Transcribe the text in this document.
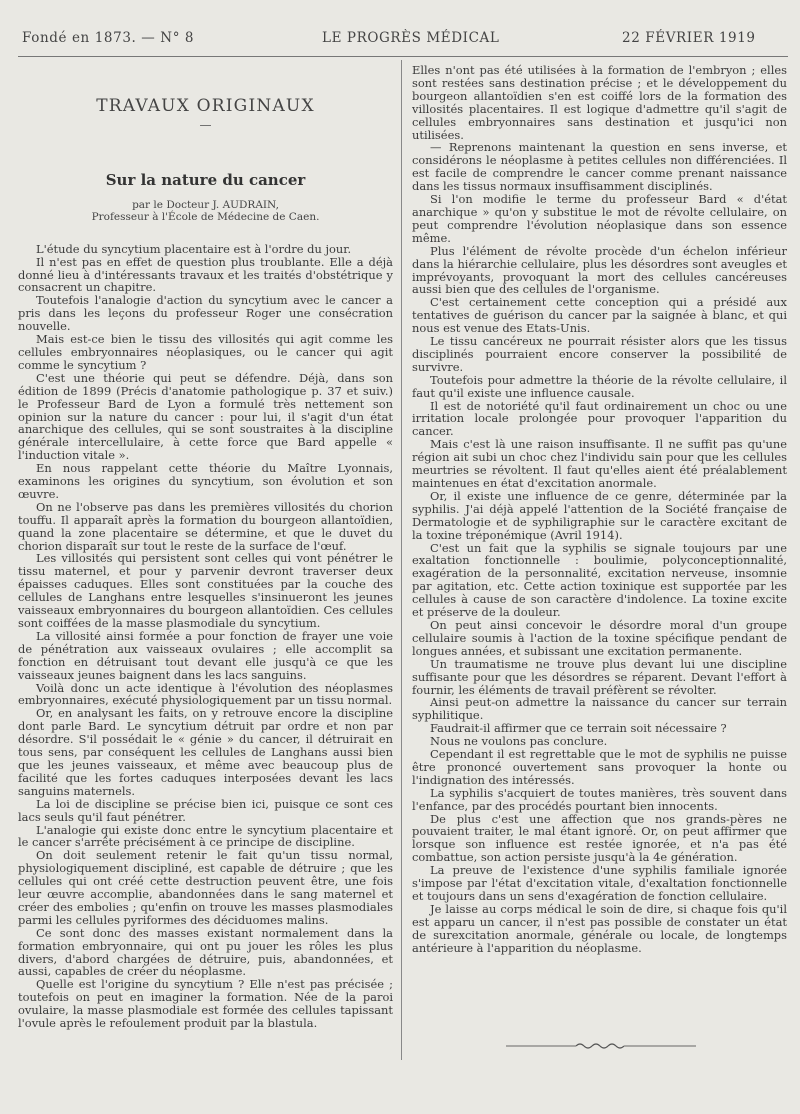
Fondé en 1873. — N° 8	LE PROGRÈS MÉDICAL	22 FÉVRIER 1919
TRAVAUX ORIGINAUX
—
Sur la nature du cancer
par le Docteur J. AUDRAIN,
Professeur à l'École de Médecine de Caen.

L'étude du syncytium placentaire est à l'ordre du jour.

Il n'est pas en effet de question plus troublante. Elle a déjà donné lieu à d'intéressants travaux et les traités d'obstétrique y consacrent un chapitre.

Toutefois l'analogie d'action du syncytium avec le cancer a pris dans les leçons du professeur Roger une consécration nouvelle.

Mais est-ce bien le tissu des villosités qui agit comme les cellules embryonnaires néoplasiques, ou le cancer qui agit comme le syncytium ?

C'est une théorie qui peut se défendre. Déjà, dans son édition de 1899 (Précis d'anatomie pathologique p. 37 et suiv.) le Professeur Bard de Lyon a formulé très nettement son opinion sur la nature du cancer : pour lui, il s'agit d'un état anarchique des cellules, qui se sont soustraites à la discipline générale intercellulaire, à cette force que Bard appelle « l'induction vitale ».

En nous rappelant cette théorie du Maître Lyonnais, examinons les origines du syncytium, son évolution et son œuvre.

On ne l'observe pas dans les premières villosités du chorion touffu. Il apparaît après la formation du bourgeon allantoïdien, quand la zone placentaire se détermine, et que le duvet du chorion disparaît sur tout le reste de la surface de l'œuf.

Les villosités qui persistent sont celles qui vont pénétrer le tissu maternel, et pour y parvenir devront traverser deux épaisses caduques. Elles sont constituées par la couche des cellules de Langhans entre lesquelles s'insinueront les jeunes vaisseaux embryonnaires du bourgeon allantoïdien. Ces cellules sont coiffées de la masse plasmodiale du syncytium.

La villosité ainsi formée a pour fonction de frayer une voie de pénétration aux vaisseaux ovulaires ; elle accomplit sa fonction en détruisant tout devant elle jusqu'à ce que les vaisseaux jeunes baignent dans les lacs sanguins.

Voilà donc un acte identique à l'évolution des néoplasmes embryonnaires, exécuté physiologiquement par un tissu normal.

Or, en analysant les faits, on y retrouve encore la discipline dont parle Bard. Le syncytium détruit par ordre et non par désordre. S'il possédait le « génie » du cancer, il détruirait en tous sens, par conséquent les cellules de Langhans aussi bien que les jeunes vaisseaux, et même avec beaucoup plus de facilité que les fortes caduques interposées devant les lacs sanguins maternels.

La loi de discipline se précise bien ici, puisque ce sont ces lacs seuls qu'il faut pénétrer.

L'analogie qui existe donc entre le syncytium placentaire et le cancer s'arrête précisément à ce principe de discipline.

On doit seulement retenir le fait qu'un tissu normal, physiologiquement discipliné, est capable de détruire ; que les cellules qui ont créé cette destruction peuvent être, une fois leur œuvre accomplie, abandonnées dans le sang maternel et créer des embolies ; qu'enfin on trouve les masses plasmodiales parmi les cellules pyriformes des déciduomes malins.

Ce sont donc des masses existant normalement dans la formation embryonnaire, qui ont pu jouer les rôles les plus divers, d'abord chargées de détruire, puis, abandonnées, et aussi, capables de créer du néoplasme.

Quelle est l'origine du syncytium ? Elle n'est pas précisée ; toutefois on peut en imaginer la formation. Née de la paroi ovulaire, la masse plasmodiale est formée des cellules tapissant l'ovule après le refoulement produit par la blastula.

Elles n'ont pas été utilisées à la formation de l'embryon ; elles sont restées sans destination précise ; et le développement du bourgeon allantoïdien s'en est coiffé lors de la formation des villosités placentaires. Il est logique d'admettre qu'il s'agit de cellules embryonnaires sans destination et jusqu'ici non utilisées.

— Reprenons maintenant la question en sens inverse, et considérons le néoplasme à petites cellules non différenciées. Il est facile de comprendre le cancer comme prenant naissance dans les tissus normaux insuffisamment disciplinés.

Si l'on modifie le terme du professeur Bard « d'état anarchique » qu'on y substitue le mot de révolte cellulaire, on peut comprendre l'évolution néoplasique dans son essence même.

Plus l'élément de révolte procède d'un échelon inférieur dans la hiérarchie cellulaire, plus les désordres sont aveugles et imprévoyants, provoquant la mort des cellules cancéreuses aussi bien que des cellules de l'organisme.

C'est certainement cette conception qui a présidé aux tentatives de guérison du cancer par la saignée à blanc, et qui nous est venue des Etats-Unis.

Le tissu cancéreux ne pourrait résister alors que les tissus disciplinés pourraient encore conserver la possibilité de survivre.

Toutefois pour admettre la théorie de la révolte cellulaire, il faut qu'il existe une influence causale.

Il est de notoriété qu'il faut ordinairement un choc ou une irritation locale prolongée pour provoquer l'apparition du cancer.

Mais c'est là une raison insuffisante. Il ne suffit pas qu'une région ait subi un choc chez l'individu sain pour que les cellules meurtries se révoltent. Il faut qu'elles aient été préalablement maintenues en état d'excitation anormale.

Or, il existe une influence de ce genre, déterminée par la syphilis. J'ai déjà appelé l'attention de la Société française de Dermatologie et de syphiligraphie sur le caractère excitant de la toxine tréponémique (Avril 1914).

C'est un fait que la syphilis se signale toujours par une exaltation fonctionnelle : boulimie, polyconceptionnalité, exagération de la personnalité, excitation nerveuse, insomnie par agitation, etc. Cette action toxinique est supportée par les cellules à cause de son caractère d'indolence. La toxine excite et préserve de la douleur.

On peut ainsi concevoir le désordre moral d'un groupe cellulaire soumis à l'action de la toxine spécifique pendant de longues années, et subissant une excitation permanente.

Un traumatisme ne trouve plus devant lui une discipline suffisante pour que les désordres se réparent. Devant l'effort à fournir, les éléments de travail préfèrent se révolter.

Ainsi peut-on admettre la naissance du cancer sur terrain syphilitique.

Faudrait-il affirmer que ce terrain soit nécessaire ?

Nous ne voulons pas conclure.

Cependant il est regrettable que le mot de syphilis ne puisse être prononcé ouvertement sans provoquer la honte ou l'indignation des intéressés.

La syphilis s'acquiert de toutes manières, très souvent dans l'enfance, par des procédés pourtant bien innocents.

De plus c'est une affection que nos grands-pères ne pouvaient traiter, le mal étant ignoré. Or, on peut affirmer que lorsque son influence est restée ignorée, et n'a pas été combattue, son action persiste jusqu'à la 4e génération.

La preuve de l'existence d'une syphilis familiale ignorée s'impose par l'état d'excitation vitale, d'exaltation fonctionnelle et toujours dans un sens d'exagération de fonction cellulaire.

Je laisse au corps médical le soin de dire, si chaque fois qu'il est apparu un cancer, il n'est pas possible de constater un état de surexcitation anormale, générale ou locale, de longtemps antérieure à l'apparition du néoplasme.
